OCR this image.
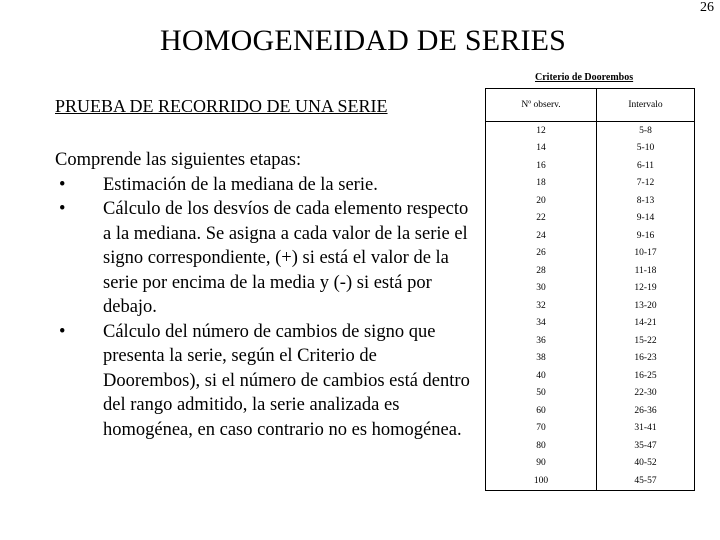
26
HOMOGENEIDAD DE SERIES
PRUEBA DE RECORRIDO DE UNA SERIE
Comprende las siguientes etapas:
• Estimación de la mediana de la serie.
• Cálculo de los desvíos de cada elemento respecto a la mediana. Se asigna a cada valor de la serie el signo correspondiente, (+) si está el valor de la serie por encima de la media y (-) si está por debajo.
• Cálculo del número de cambios de signo que presenta la serie, según el Criterio de Doorembos), si el número de cambios está dentro del rango admitido, la serie analizada es homogénea, en caso contrario no es homogénea.
Criterio de Doorembos
Nº observ.	Intervalo
12	5-8
14	5-10
16	6-11
18	7-12
20	8-13
22	9-14
24	9-16
26	10-17
28	11-18
30	12-19
32	13-20
34	14-21
36	15-22
38	16-23
40	16-25
50	22-30
60	26-36
70	31-41
80	35-47
90	40-52
100	45-57
